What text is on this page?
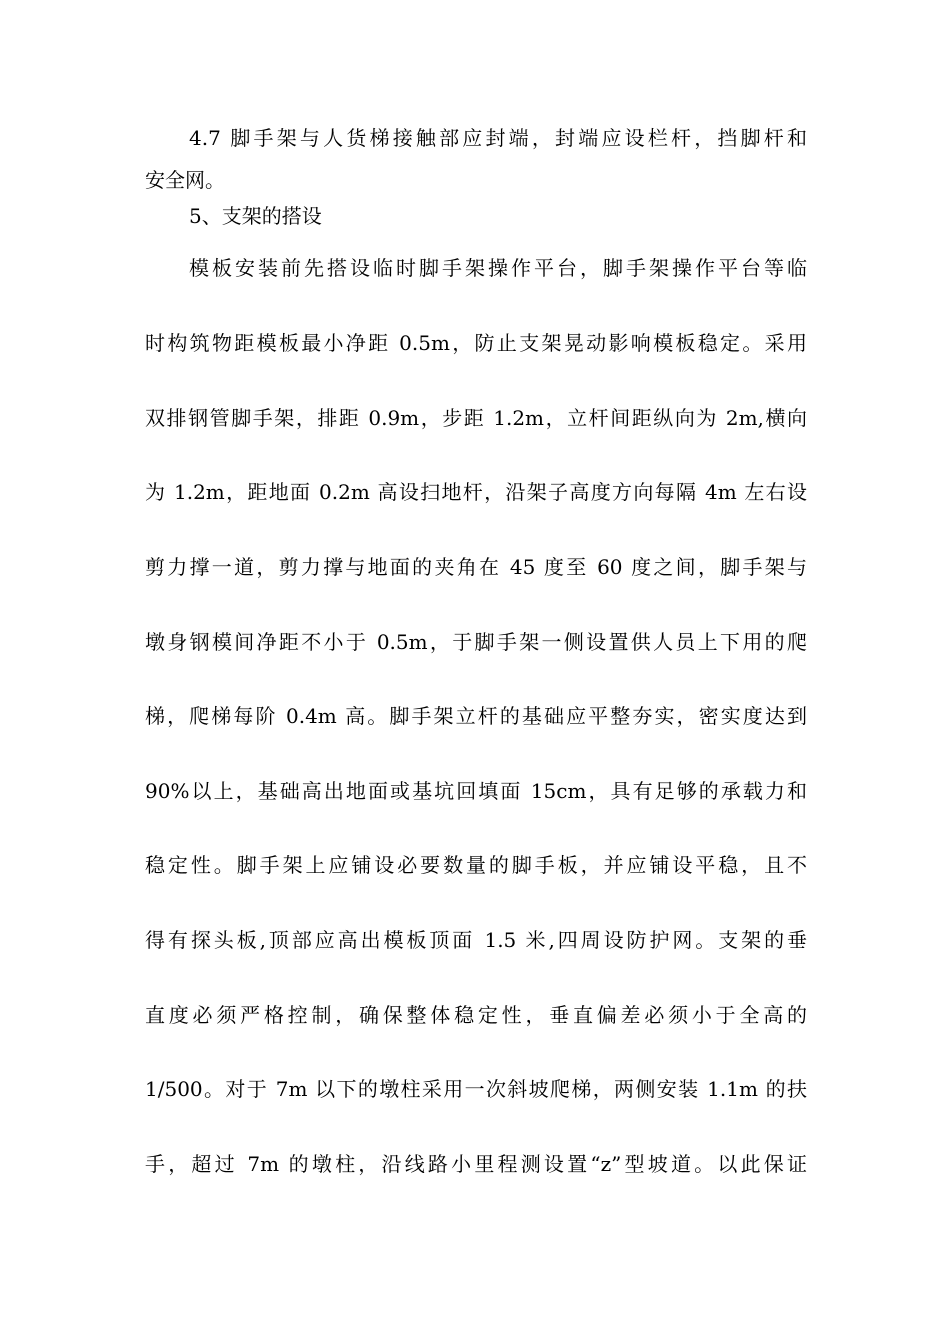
4.7 脚手架与人货梯接触部应封端，封端应设栏杆，挡脚杆和
安全网。
5、支架的搭设
模板安装前先搭设临时脚手架操作平台，脚手架操作平台等临
时构筑物距模板最小净距 0.5m，防止支架晃动影响模板稳定。采用
双排钢管脚手架，排距 0.9m，步距 1.2m，立杆间距纵向为 2m,横向
为 1.2m，距地面 0.2m 高设扫地杆，沿架子高度方向每隔 4m 左右设
剪力撑一道，剪力撑与地面的夹角在 45 度至 60 度之间，脚手架与
墩身钢模间净距不小于 0.5m，于脚手架一侧设置供人员上下用的爬
梯，爬梯每阶 0.4m 高。脚手架立杆的基础应平整夯实，密实度达到
90%以上，基础高出地面或基坑回填面 15cm，具有足够的承载力和
稳定性。脚手架上应铺设必要数量的脚手板，并应铺设平稳，且不
得有探头板,顶部应高出模板顶面 1.5 米,四周设防护网。支架的垂
直度必须严格控制，确保整体稳定性，垂直偏差必须小于全高的
1/500。对于 7m 以下的墩柱采用一次斜坡爬梯，两侧安装 1.1m 的扶
手，超过 7m 的墩柱，沿线路小里程测设置“z”型坡道。以此保证
